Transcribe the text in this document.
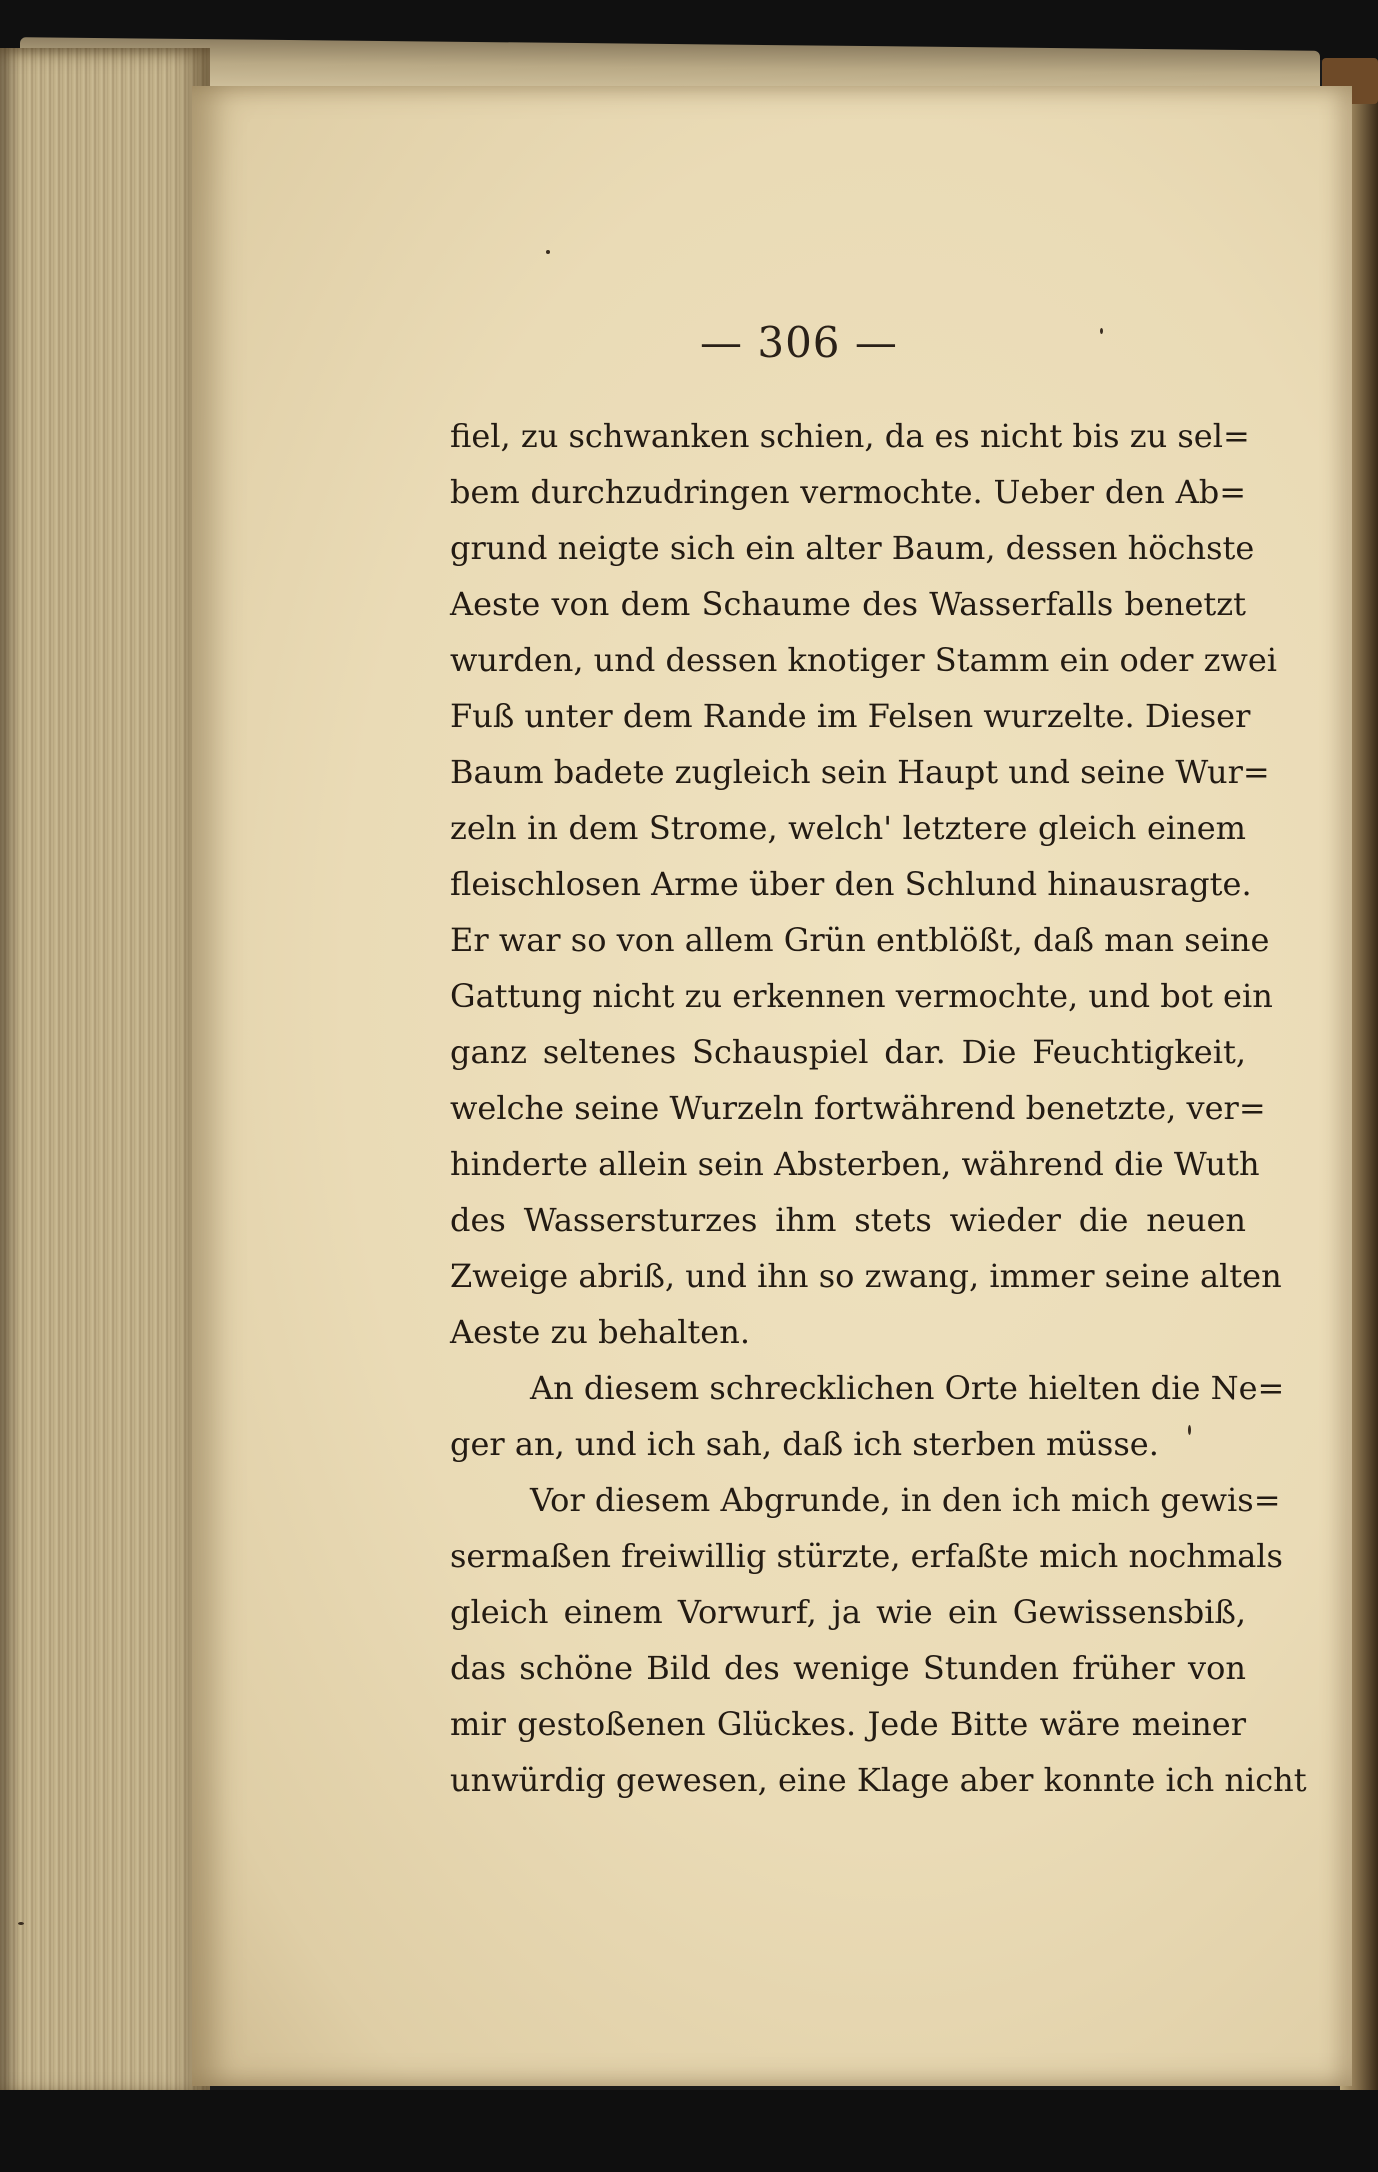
— 306 —

fiel, zu schwanken schien, da es nicht bis zu sel=
bem durchzudringen vermochte. Ueber den Ab=
grund neigte sich ein alter Baum, dessen höchste
Aeste von dem Schaume des Wasserfalls benetzt
wurden, und dessen knotiger Stamm ein oder zwei
Fuß unter dem Rande im Felsen wurzelte. Dieser
Baum badete zugleich sein Haupt und seine Wur=
zeln in dem Strome, welch' letztere gleich einem
fleischlosen Arme über den Schlund hinausragte.
Er war so von allem Grün entblößt, daß man seine
Gattung nicht zu erkennen vermochte, und bot ein
ganz seltenes Schauspiel dar. Die Feuchtigkeit,
welche seine Wurzeln fortwährend benetzte, ver=
hinderte allein sein Absterben, während die Wuth
des Wassersturzes ihm stets wieder die neuen
Zweige abriß, und ihn so zwang, immer seine alten
Aeste zu behalten.

An diesem schrecklichen Orte hielten die Ne=
ger an, und ich sah, daß ich sterben müsse.

Vor diesem Abgrunde, in den ich mich gewis=
sermaßen freiwillig stürzte, erfaßte mich nochmals
gleich einem Vorwurf, ja wie ein Gewissensbiß,
das schöne Bild des wenige Stunden früher von
mir gestoßenen Glückes. Jede Bitte wäre meiner
unwürdig gewesen, eine Klage aber konnte ich nicht
